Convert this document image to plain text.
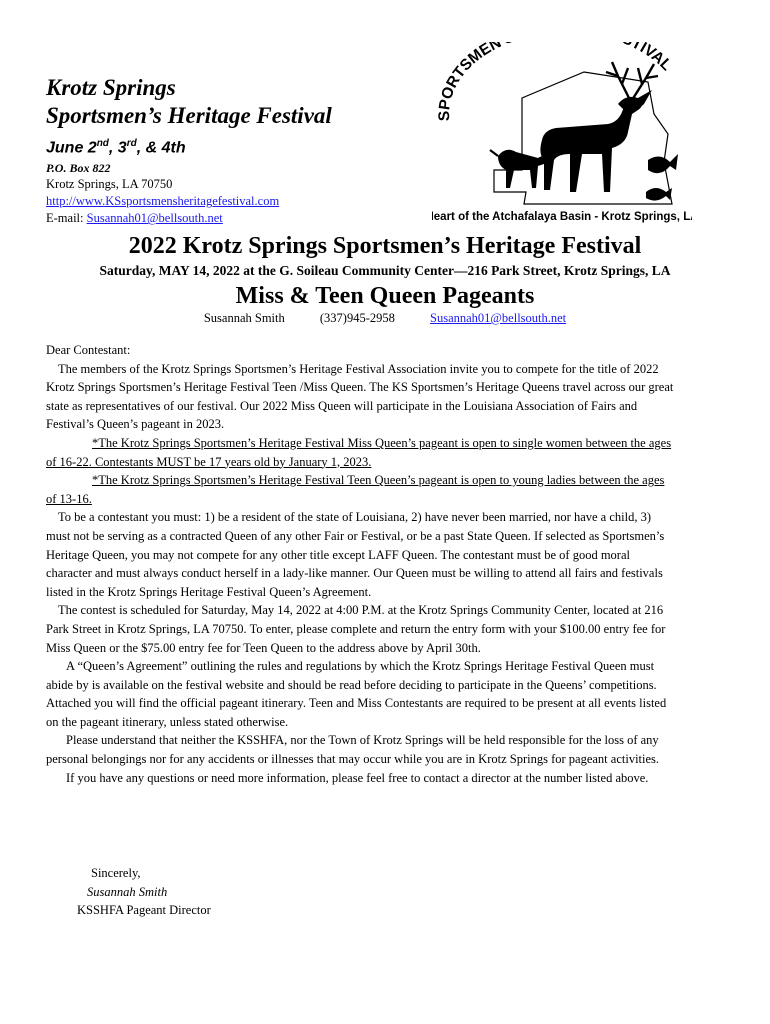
Krotz Springs

Sportsmen’s Heritage Festival

June 2nd, 3rd, & 4th
P.O. Box 822
Krotz Springs, LA 70750
http://www.KSsportsmensheritagefestival.com
E-mail: Susannah01@bellsouth.net
SPORTSMEN TIVAL
Heart of the Atchafalaya Basin - Krotz Springs, LA
2022 Krotz Springs Sportsmen’s Heritage Festival
Saturday, MAY 14, 2022 at the G. Soileau Community Center—216 Park Street, Krotz Springs, LA
Miss & Teen Queen Pageants
Susannah Smith	(337)945-2958	Susannah01@bellsouth.net

Dear Contestant:

The members of the Krotz Springs Sportsmen’s Heritage Festival Association invite you to compete for the title of 2022 Krotz Springs Sportsmen’s Heritage Festival Teen /Miss Queen. The KS Sportsmen’s Heritage Queens travel across our great state as representatives of our festival. Our 2022 Miss Queen will participate in the Louisiana Association of Fairs and Festival’s Queen’s pageant in 2023.

*The Krotz Springs Sportsmen’s Heritage Festival Miss Queen’s pageant is open to single women between the ages of 16-22. Contestants MUST be 17 years old by January 1, 2023.

*The Krotz Springs Sportsmen’s Heritage Festival Teen Queen’s pageant is open to young ladies between the ages of 13-16.

To be a contestant you must: 1) be a resident of the state of Louisiana, 2) have never been married, nor have a child, 3) must not be serving as a contracted Queen of any other Fair or Festival, or be a past State Queen. If selected as Sportsmen’s Heritage Queen, you may not compete for any other title except LAFF Queen. The contestant must be of good moral character and must always conduct herself in a lady-like manner. Our Queen must be willing to attend all fairs and festivals listed in the Krotz Springs Heritage Festival Queen’s Agreement.

The contest is scheduled for Saturday, May 14, 2022 at 4:00 P.M. at the Krotz Springs Community Center, located at 216 Park Street in Krotz Springs, LA 70750. To enter, please complete and return the entry form with your $100.00 entry fee for Miss Queen or the $75.00 entry fee for Teen Queen to the address above by April 30th.

A “Queen’s Agreement” outlining the rules and regulations by which the Krotz Springs Heritage Festival Queen must abide by is available on the festival website and should be read before deciding to participate in the Queens’ competitions. Attached you will find the official pageant itinerary. Teen and Miss Contestants are required to be present at all events listed on the pageant itinerary, unless stated otherwise.

Please understand that neither the KSSHFA, nor the Town of Krotz Springs will be held responsible for the loss of any personal belongings nor for any accidents or illnesses that may occur while you are in Krotz Springs for pageant activities.

If you have any questions or need more information, please feel free to contact a director at the number listed above.

Sincerely,
Susannah Smith
KSSHFA Pageant Director
